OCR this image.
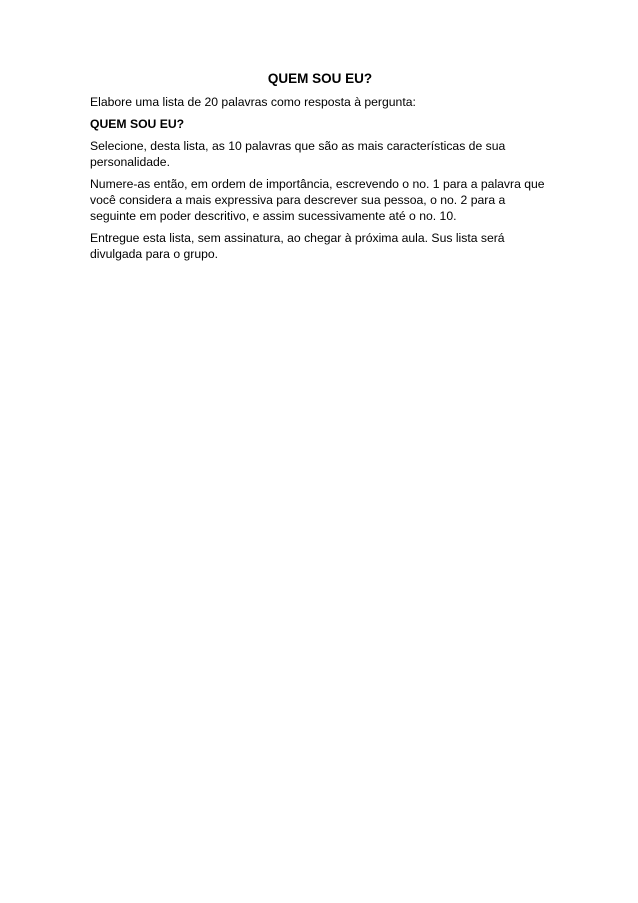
QUEM SOU EU?

Elabore uma lista de 20 palavras como resposta à pergunta:

QUEM SOU EU?

Selecione, desta lista, as 10 palavras que são as mais características de sua personalidade.

Numere-as então, em ordem de importância, escrevendo o no. 1 para a palavra que você considera a mais expressiva para descrever sua pessoa, o no. 2 para a seguinte em poder descritivo, e assim sucessivamente até o no. 10.

Entregue esta lista, sem assinatura, ao chegar à próxima aula. Sus lista será divulgada para o grupo.
